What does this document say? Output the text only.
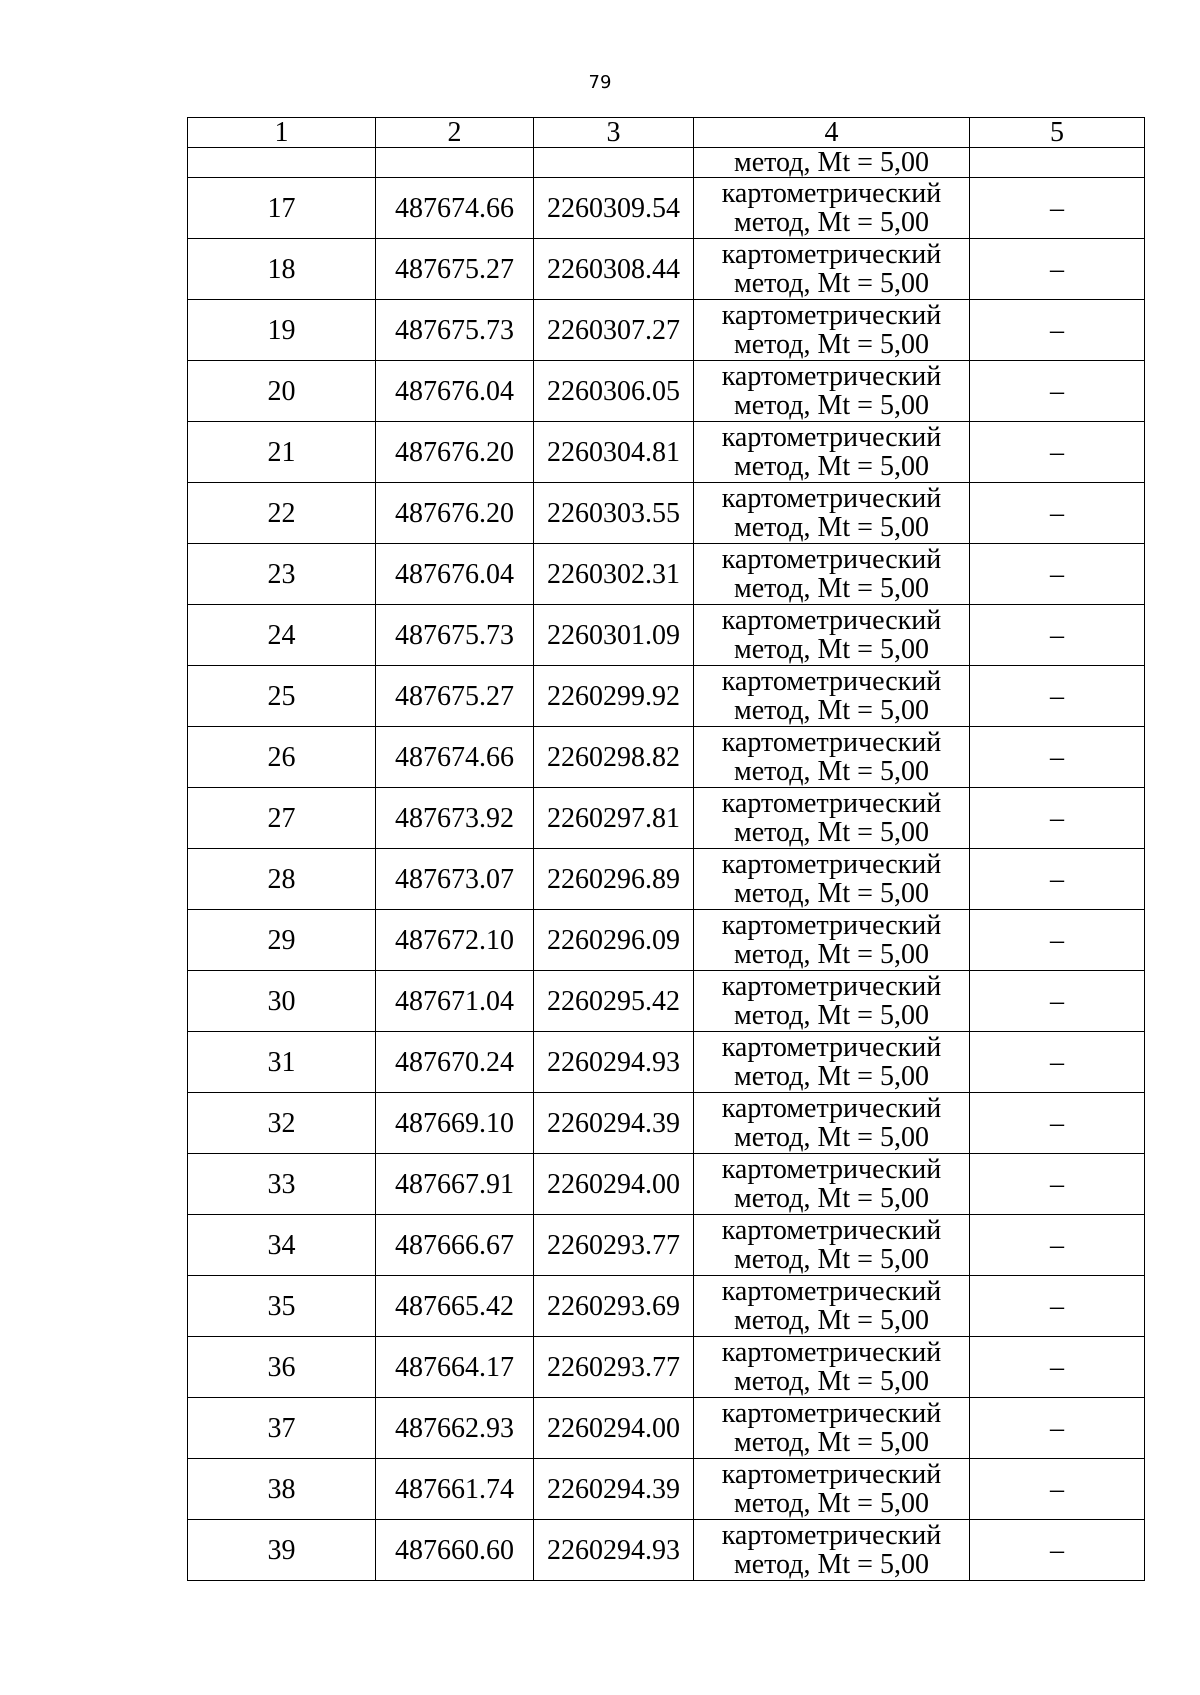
79
1	2	3	4	5
			метод, Mt = 5,00	
17	487674.66	2260309.54	картометрический
метод, Mt = 5,00	–
18	487675.27	2260308.44	картометрический
метод, Mt = 5,00	–
19	487675.73	2260307.27	картометрический
метод, Mt = 5,00	–
20	487676.04	2260306.05	картометрический
метод, Mt = 5,00	–
21	487676.20	2260304.81	картометрический
метод, Mt = 5,00	–
22	487676.20	2260303.55	картометрический
метод, Mt = 5,00	–
23	487676.04	2260302.31	картометрический
метод, Mt = 5,00	–
24	487675.73	2260301.09	картометрический
метод, Mt = 5,00	–
25	487675.27	2260299.92	картометрический
метод, Mt = 5,00	–
26	487674.66	2260298.82	картометрический
метод, Mt = 5,00	–
27	487673.92	2260297.81	картометрический
метод, Mt = 5,00	–
28	487673.07	2260296.89	картометрический
метод, Mt = 5,00	–
29	487672.10	2260296.09	картометрический
метод, Mt = 5,00	–
30	487671.04	2260295.42	картометрический
метод, Mt = 5,00	–
31	487670.24	2260294.93	картометрический
метод, Mt = 5,00	–
32	487669.10	2260294.39	картометрический
метод, Mt = 5,00	–
33	487667.91	2260294.00	картометрический
метод, Mt = 5,00	–
34	487666.67	2260293.77	картометрический
метод, Mt = 5,00	–
35	487665.42	2260293.69	картометрический
метод, Mt = 5,00	–
36	487664.17	2260293.77	картометрический
метод, Mt = 5,00	–
37	487662.93	2260294.00	картометрический
метод, Mt = 5,00	–
38	487661.74	2260294.39	картометрический
метод, Mt = 5,00	–
39	487660.60	2260294.93	картометрический
метод, Mt = 5,00	–
